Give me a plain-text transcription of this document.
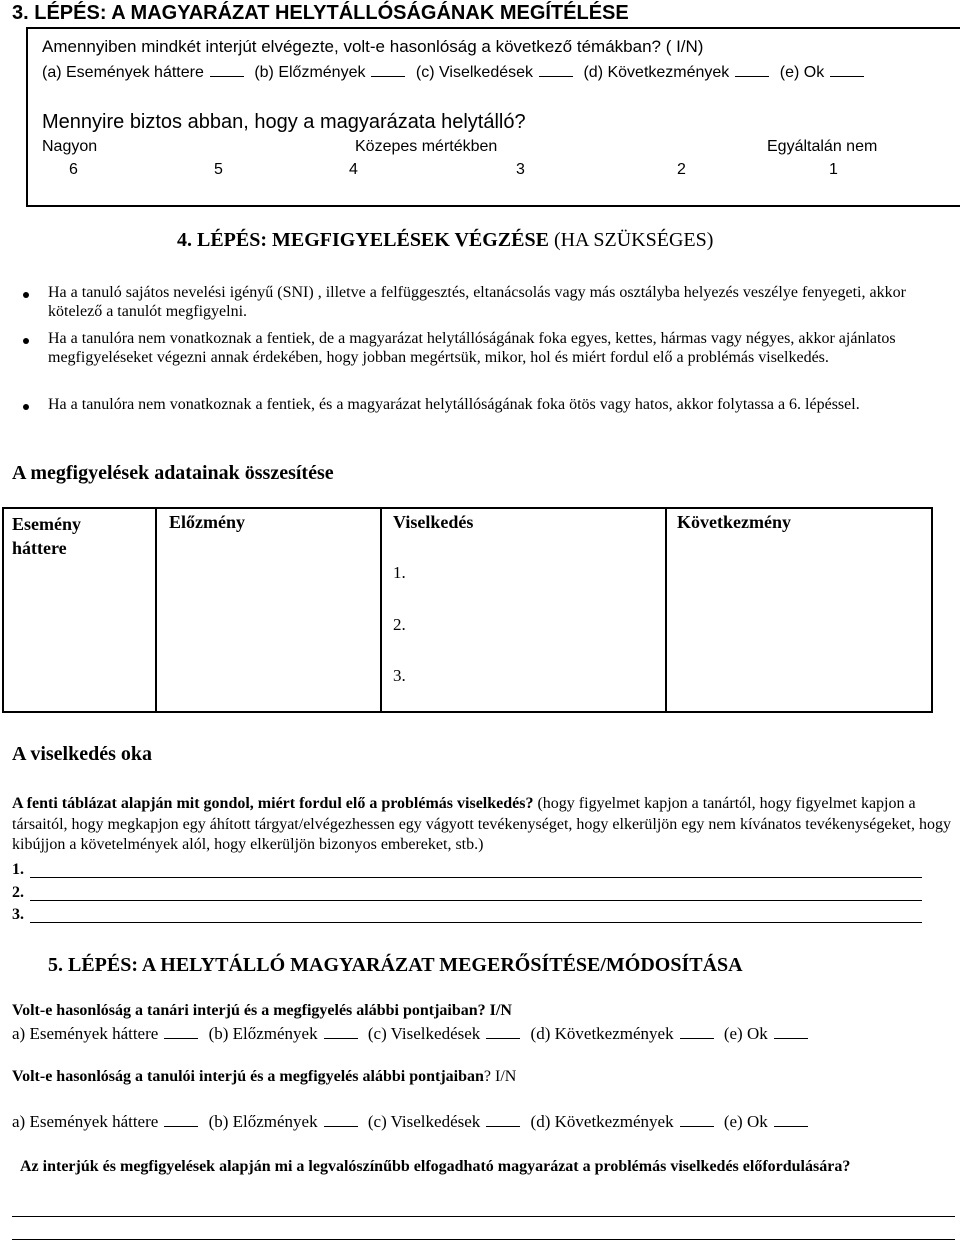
3. LÉPÉS: A MAGYARÁZAT HELYTÁLLÓSÁGÁNAK MEGÍTÉLÉSE
Amennyiben mindkét interjút elvégezte, volt-e hasonlóság a következő témákban? ( I/N)
(a) Események háttere	(b) Előzmények	(c) Viselkedések	(d) Következmények	(e) Ok
Mennyire biztos abban, hogy a magyarázata helytálló?
Nagyon	Közepes mértékben	Egyáltalán nem
6	5	4	3	2	1
4. LÉPÉS: MEGFIGYELÉSEK VÉGZÉSE (HA SZÜKSÉGES)
Ha a tanuló sajátos nevelési igényű (SNI) , illetve a felfüggesztés, eltanácsolás vagy más osztályba helyezés veszélye fenyegeti, akkor kötelező a tanulót megfigyelni.
Ha a tanulóra nem vonatkoznak a fentiek, de a magyarázat helytállóságának foka egyes, kettes, hármas vagy négyes, akkor ajánlatos megfigyeléseket végezni annak érdekében, hogy jobban megértsük, mikor, hol és miért fordul elő a problémás viselkedés.
Ha a tanulóra nem vonatkoznak a fentiek, és a magyarázat helytállóságának foka ötös vagy hatos, akkor folytassa a 6. lépéssel.
A megfigyelések adatainak összesítése
Esemény
háttere
Előzmény	Viselkedés	Következmény
1.
2.
3.
A viselkedés oka
A fenti táblázat alapján mit gondol, miért fordul elő a problémás viselkedés? (hogy figyelmet kapjon a tanártól, hogy figyelmet kapjon a társaitól, hogy megkapjon egy áhított tárgyat/elvégezhessen egy vágyott tevékenységet, hogy elkerüljön egy nem kívánatos tevékenységeket, hogy kibújjon a követelmények alól, hogy elkerüljön bizonyos embereket, stb.)
1.
2.
3.
5. LÉPÉS: A HELYTÁLLÓ MAGYARÁZAT MEGERŐSÍTÉSE/MÓDOSÍTÁSA
Volt-e hasonlóság a tanári interjú és a megfigyelés alábbi pontjaiban? I/N
a) Események háttere	(b) Előzmények	(c) Viselkedések	(d) Következmények	(e) Ok
Volt-e hasonlóság a tanulói interjú és a megfigyelés alábbi pontjaiban? I/N
a) Események háttere	(b) Előzmények	(c) Viselkedések	(d) Következmények	(e) Ok
Az interjúk és megfigyelések alapján mi a legvalószínűbb elfogadható magyarázat a problémás viselkedés előfordulására?
